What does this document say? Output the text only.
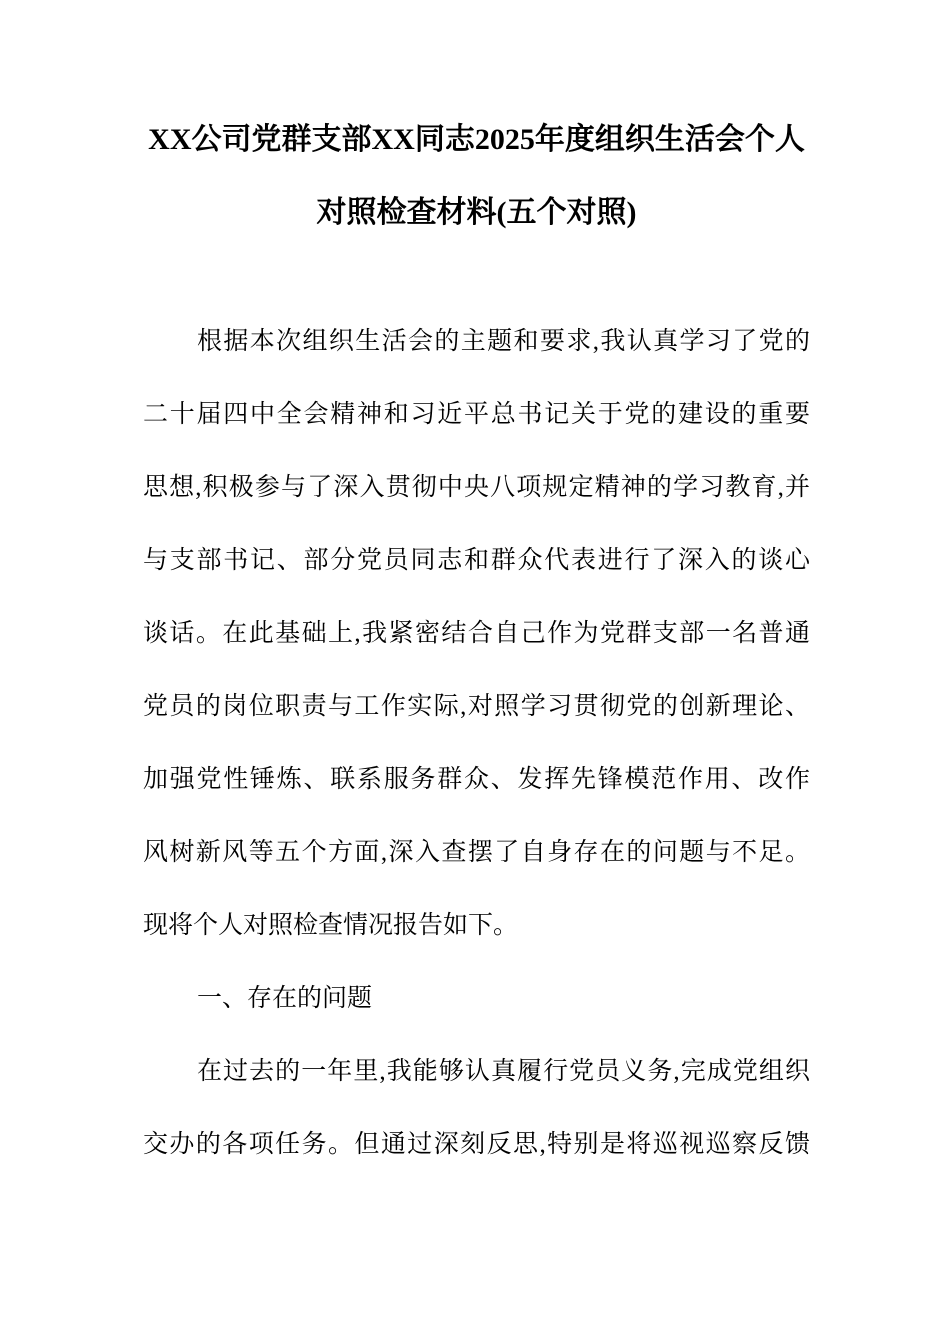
XX公司党群支部XX同志2025年度组织生活会个人
对照检查材料(五个对照)
根据本次组织生活会的主题和要求,我认真学习了党的
二十届四中全会精神和习近平总书记关于党的建设的重要
思想,积极参与了深入贯彻中央八项规定精神的学习教育,并
与支部书记、部分党员同志和群众代表进行了深入的谈心
谈话。在此基础上,我紧密结合自己作为党群支部一名普通
党员的岗位职责与工作实际,对照学习贯彻党的创新理论、
加强党性锤炼、联系服务群众、发挥先锋模范作用、改作
风树新风等五个方面,深入查摆了自身存在的问题与不足。
现将个人对照检查情况报告如下。
一、存在的问题
在过去的一年里,我能够认真履行党员义务,完成党组织
交办的各项任务。但通过深刻反思,特别是将巡视巡察反馈
